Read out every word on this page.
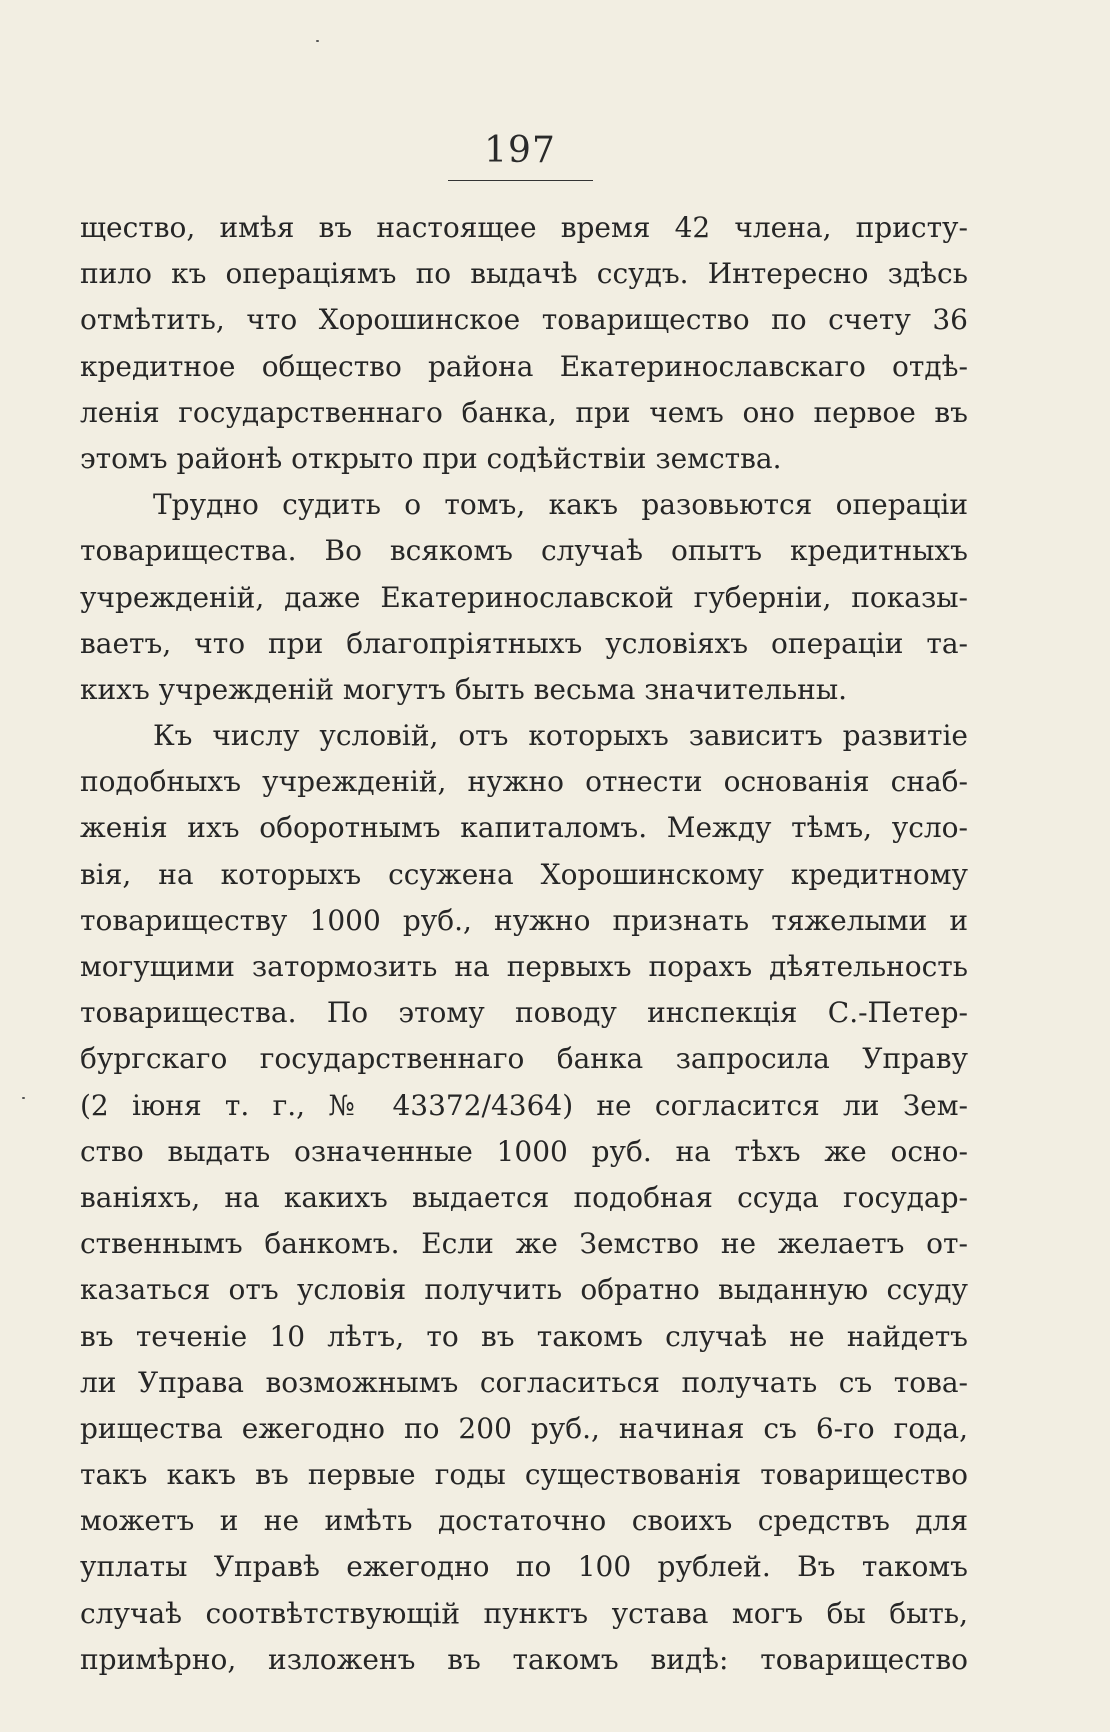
197
щество, имѣя въ настоящее время 42 члена, присту-
пило къ операціямъ по выдачѣ ссудъ. Интересно здѣсь
отмѣтить, что Хорошинское товарищество по счету 36
кредитное общество района Екатеринославскаго отдѣ-
ленія государственнаго банка, при чемъ оно первое въ
этомъ районѣ открыто при содѣйствіи земства.
Трудно судить о томъ, какъ разовьются операціи
товарищества. Во всякомъ случаѣ опытъ кредитныхъ
учрежденій, даже Екатеринославской губерніи, показы-
ваетъ, что при благопріятныхъ условіяхъ операціи та-
кихъ учрежденій могутъ быть весьма значительны.
Къ числу условій, отъ которыхъ зависитъ развитіе
подобныхъ учрежденій, нужно отнести основанія снаб-
женія ихъ оборотнымъ капиталомъ. Между тѣмъ, усло-
вія, на которыхъ ссужена Хорошинскому кредитному
товариществу 1000 руб., нужно признать тяжелыми и
могущими затормозить на первыхъ порахъ дѣятельность
товарищества. По этому поводу инспекція С.-Петер-
бургскаго государственнаго банка запросила Управу
(2 іюня т. г., № 43372/4364) не согласится ли Зем-
ство выдать означенные 1000 руб. на тѣхъ же осно-
ваніяхъ, на какихъ выдается подобная ссуда государ-
ственнымъ банкомъ. Если же Земство не желаетъ от-
казаться отъ условія получить обратно выданную ссуду
въ теченіе 10 лѣтъ, то въ такомъ случаѣ не найдетъ
ли Управа возможнымъ согласиться получать съ това-
рищества ежегодно по 200 руб., начиная съ 6-го года,
такъ какъ въ первые годы существованія товарищество
можетъ и не имѣть достаточно своихъ средствъ для
уплаты Управѣ ежегодно по 100 рублей. Въ такомъ
случаѣ соотвѣтствующій пунктъ устава могъ бы быть,
примѣрно, изложенъ въ такомъ видѣ: товарищество
